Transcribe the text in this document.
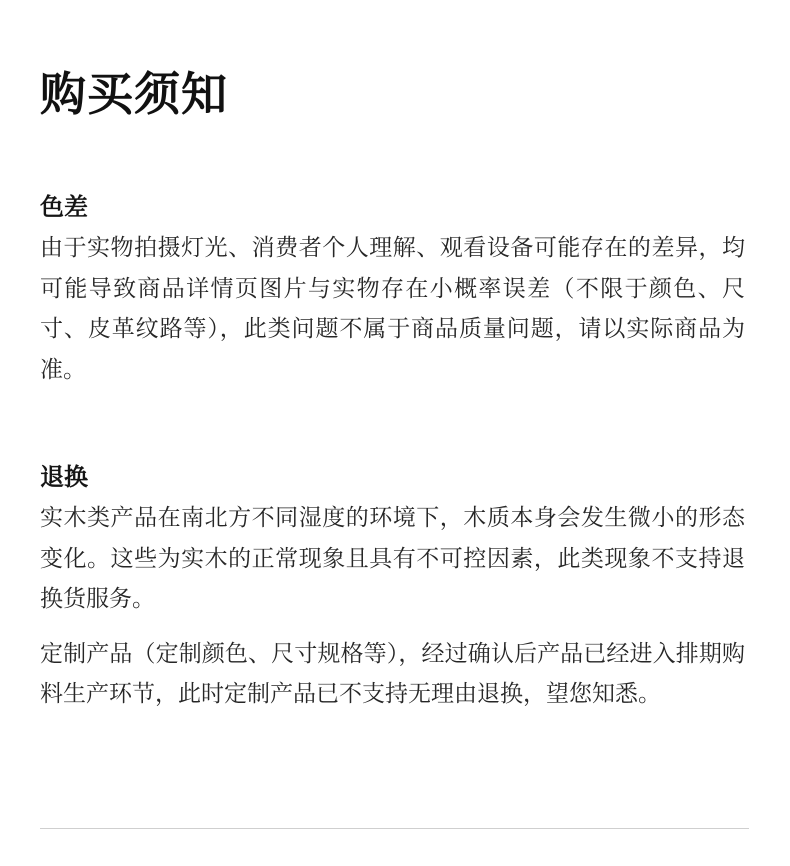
购买须知
色差

由于实物拍摄灯光、消费者个人理解、观看设备可能存在的差异，均可能导致商品详情页图片与实物存在小概率误差（不限于颜色、尺寸、皮革纹路等），此类问题不属于商品质量问题，请以实际商品为准。

退换

实木类产品在南北方不同湿度的环境下，木质本身会发生微小的形态变化。这些为实木的正常现象且具有不可控因素，此类现象不支持退换货服务。

定制产品（定制颜色、尺寸规格等），经过确认后产品已经进入排期购料生产环节，此时定制产品已不支持无理由退换，望您知悉。
